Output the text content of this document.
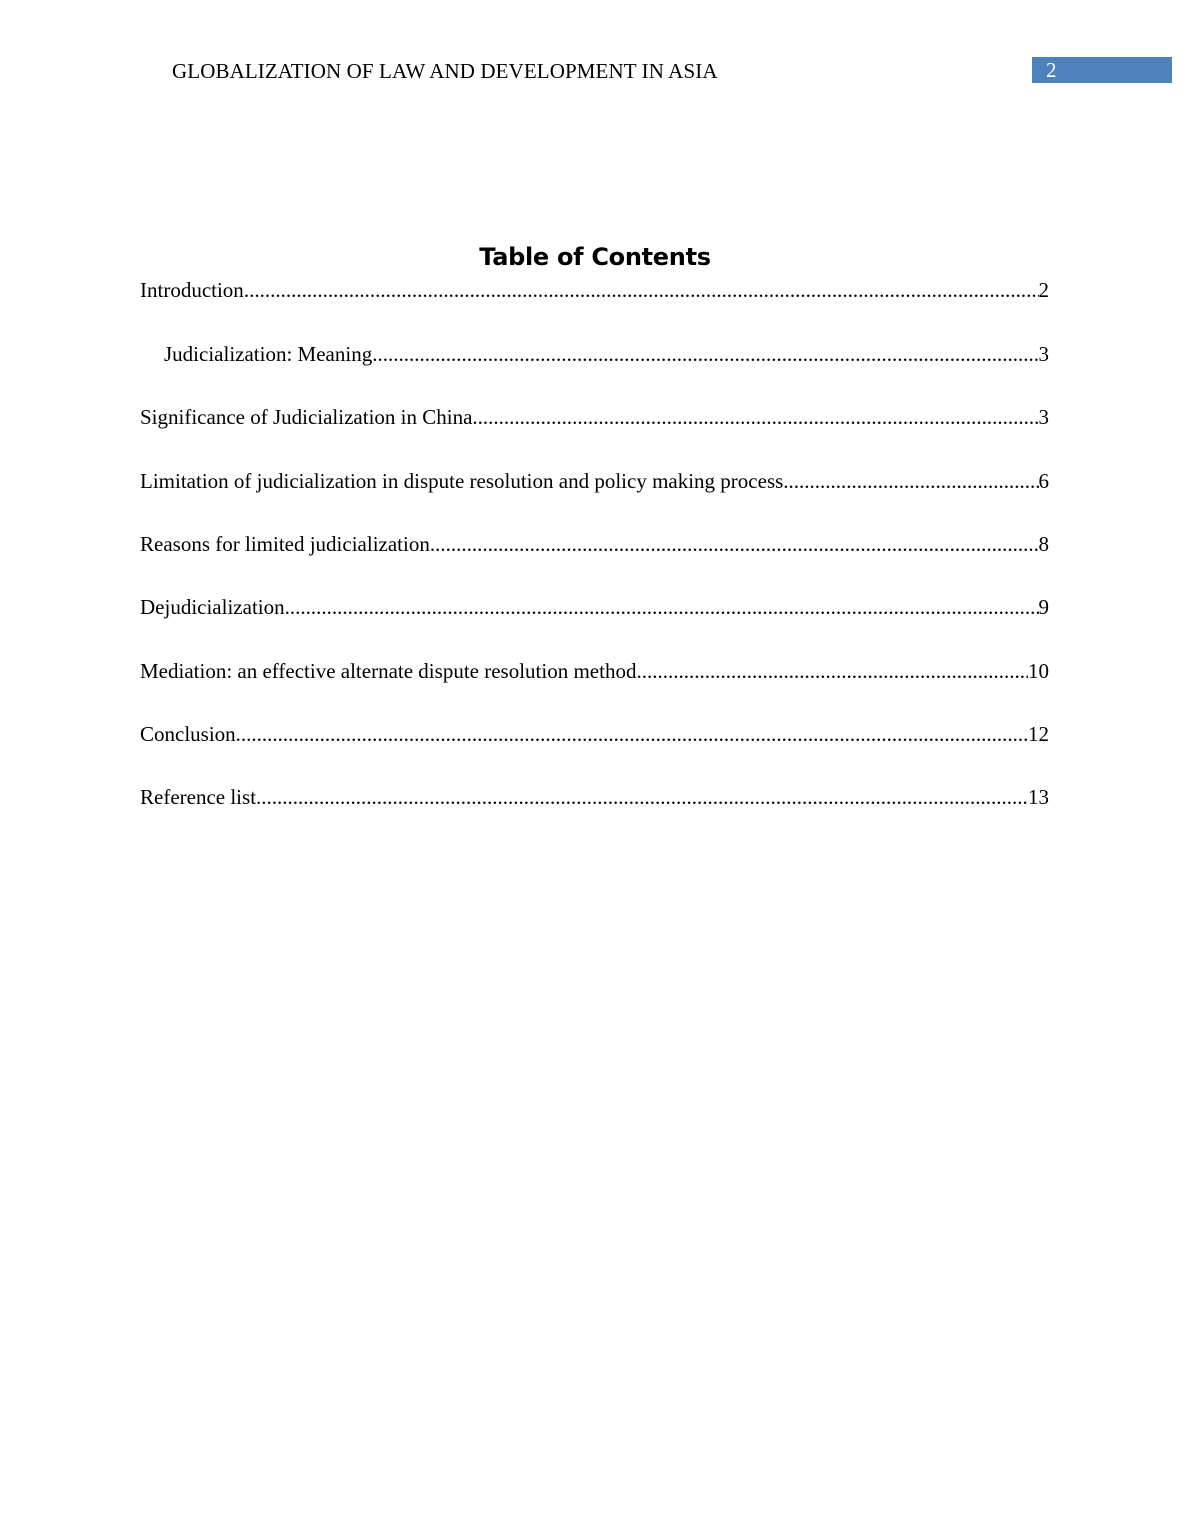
GLOBALIZATION OF LAW AND DEVELOPMENT IN ASIA	2
Table of Contents
Introduction .....	2
Judicialization: Meaning .....	3
Significance of Judicialization in China .....	3
Limitation of judicialization in dispute resolution and policy making process .....	6
Reasons for limited judicialization .....	8
Dejudicialization .....	9
Mediation: an effective alternate dispute resolution method .....	10
Conclusion .....	12
Reference list .....	13
